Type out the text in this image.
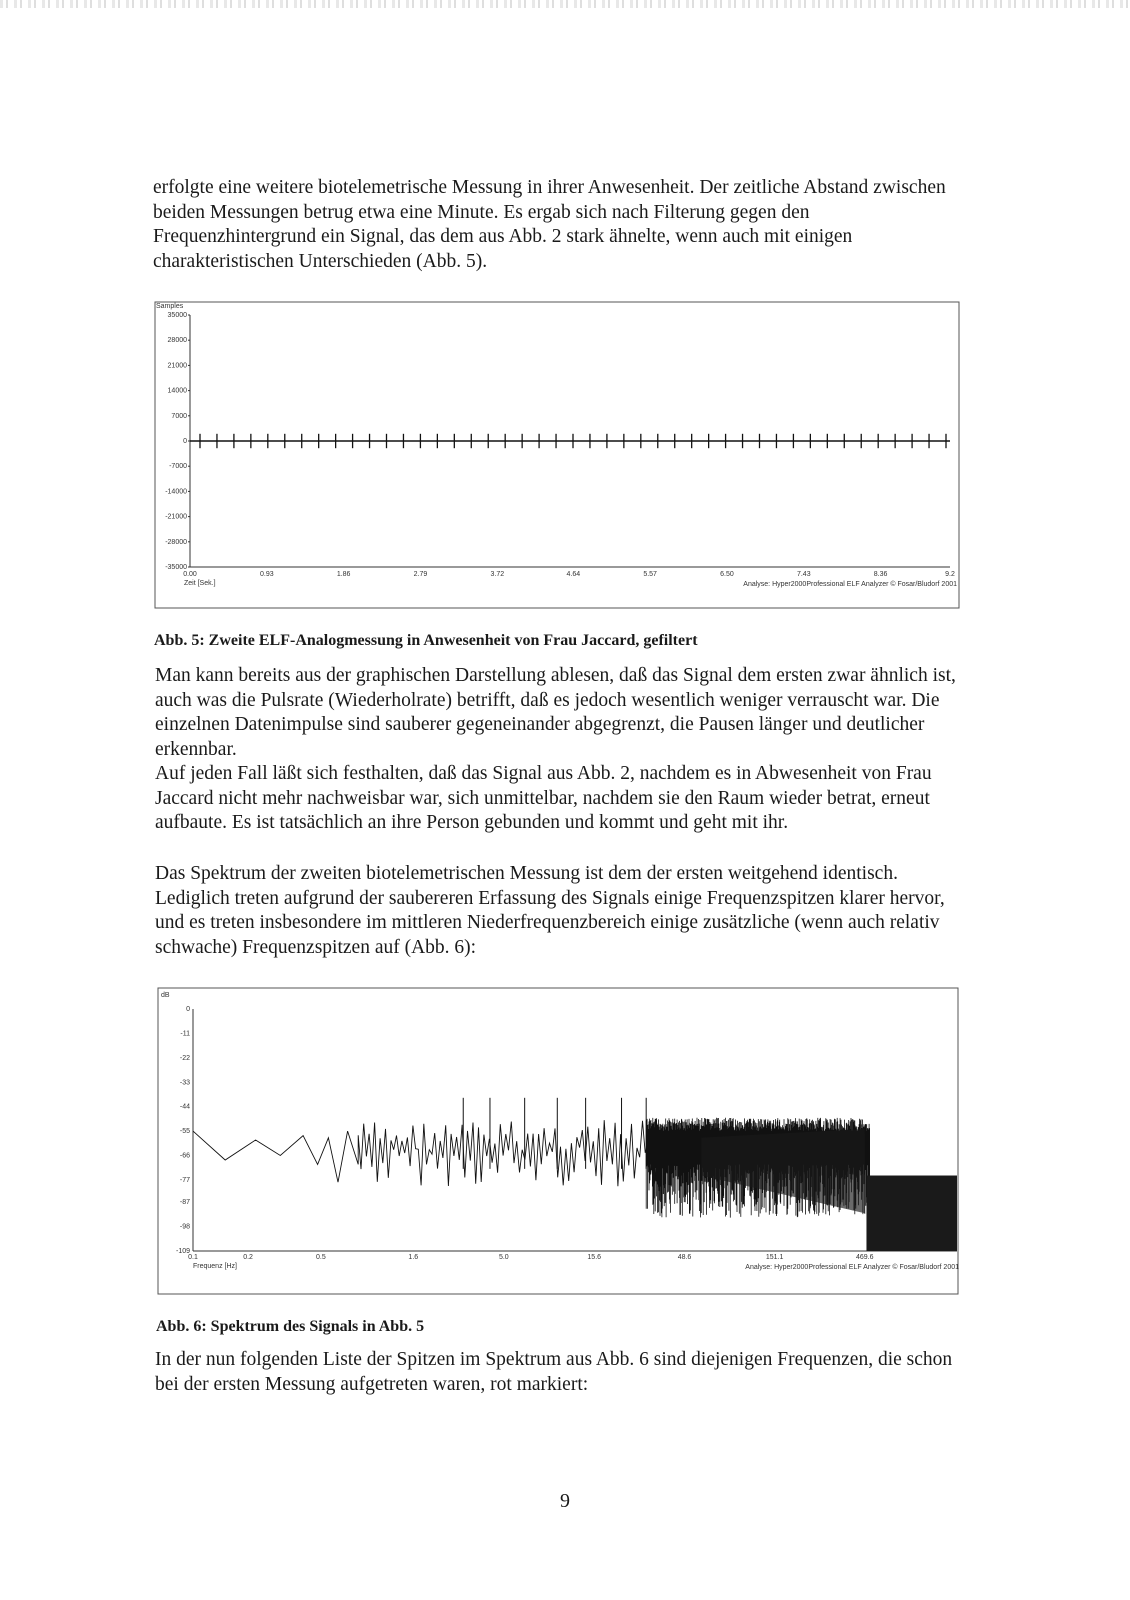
erfolgte eine weitere biotelemetrische Messung in ihrer Anwesenheit. Der zeitliche Abstand zwischen beiden Messungen betrug etwa eine Minute. Es ergab sich nach Filterung gegen den Frequenzhintergrund ein Signal, das dem aus Abb. 2 stark ähnelte, wenn auch mit einigen charakteristischen Unterschieden (Abb. 5).

Samples
35000
28000
21000
14000
7000
0
-7000
-14000
-21000
-28000
-35000
0.00	0.93	1.86	2.79	3.72	4.64	5.57	6.50	7.43	8.36	9.2
Zeit [Sek.]	Analyse: Hyper2000Professional ELF Analyzer © Fosar/Bludorf 2001

Abb. 5: Zweite ELF-Analogmessung in Anwesenheit von Frau Jaccard, gefiltert

Man kann bereits aus der graphischen Darstellung ablesen, daß das Signal dem ersten zwar ähnlich ist, auch was die Pulsrate (Wiederholrate) betrifft, daß es jedoch wesentlich weniger verrauscht war. Die einzelnen Datenimpulse sind sauberer gegeneinander abgegrenzt, die Pausen länger und deutlicher erkennbar.

Auf jeden Fall läßt sich festhalten, daß das Signal aus Abb. 2, nachdem es in Abwesenheit von Frau Jaccard nicht mehr nachweisbar war, sich unmittelbar, nachdem sie den Raum wieder betrat, erneut aufbaute. Es ist tatsächlich an ihre Person gebunden und kommt und geht mit ihr.

Das Spektrum der zweiten biotelemetrischen Messung ist dem der ersten weitgehend identisch. Lediglich treten aufgrund der saubereren Erfassung des Signals einige Frequenzspitzen klarer hervor, und es treten insbesondere im mittleren Niederfrequenzbereich einige zusätzliche (wenn auch relativ schwache) Frequenzspitzen auf (Abb. 6):

dB
0
-11
-22
-33
-44
-55
-66
-77
-87
-98
-109
0.1	0.2	0.5	1.6	5.0	15.6	48.6	151.1	469.6
Frequenz [Hz]	Analyse: Hyper2000Professional ELF Analyzer © Fosar/Bludorf 2001

Abb. 6: Spektrum des Signals in Abb. 5

In der nun folgenden Liste der Spitzen im Spektrum aus Abb. 6 sind diejenigen Frequenzen, die schon bei der ersten Messung aufgetreten waren, rot markiert:

9
